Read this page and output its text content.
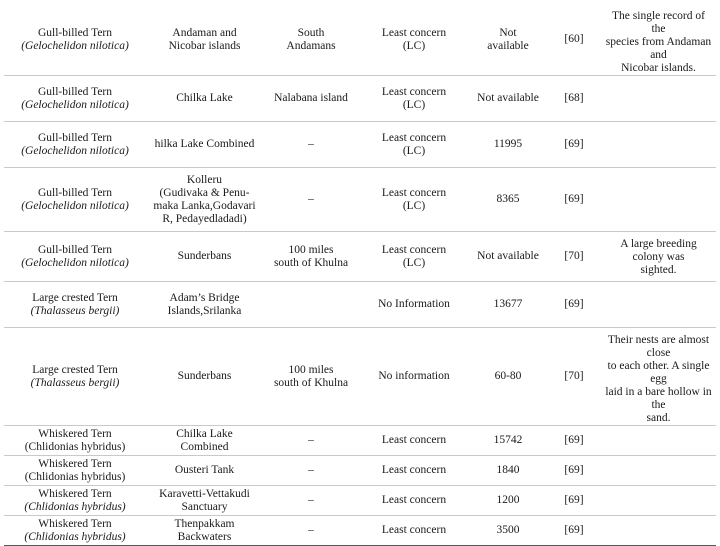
Gull-billed Tern
(Gelochelidon nilotica)	Andaman and
Nicobar islands	South
Andamans	Least concern
(LC)	Not
available	[60]	The single record of the
species from Andaman and
Nicobar islands.

Gull-billed Tern
(Gelochelidon nilotica)	Chilka Lake	Nalabana island	Least concern
(LC)	Not available	[68]	

Gull-billed Tern
(Gelochelidon nilotica)	hilka Lake Combined	–	Least concern
(LC)	11995	[69]	

Gull-billed Tern
(Gelochelidon nilotica)	Kolleru
(Gudivaka & Penu-
maka Lanka,Godavari
R, Pedayedladadi)	–	Least concern
(LC)	8365	[69]	

Gull-billed Tern
(Gelochelidon nilotica)	Sunderbans	100 miles
south of Khulna	Least concern
(LC)	Not available	[70]	A large breeding colony was
sighted.

Large crested Tern
(Thalasseus bergii)	Adam’s Bridge
Islands,Srilanka		No Information	13677	[69]	

Large crested Tern
(Thalasseus bergii)	Sunderbans	100 miles
south of Khulna	No information	60-80	[70]	Their nests are almost close
to each other. A single egg
laid in a bare hollow in the
sand.

Whiskered Tern
(Chlidonias hybridus)	Chilka Lake
Combined	–	Least concern	15742	[69]	

Whiskered Tern
(Chlidonias hybridus)	Ousteri Tank	–	Least concern	1840	[69]	

Whiskered Tern
(Chlidonias hybridus)	Karavetti-Vettakudi
Sanctuary	–	Least concern	1200	[69]	

Whiskered Tern
(Chlidonias hybridus)	Thenpakkam
Backwaters	–	Least concern	3500	[69]	
